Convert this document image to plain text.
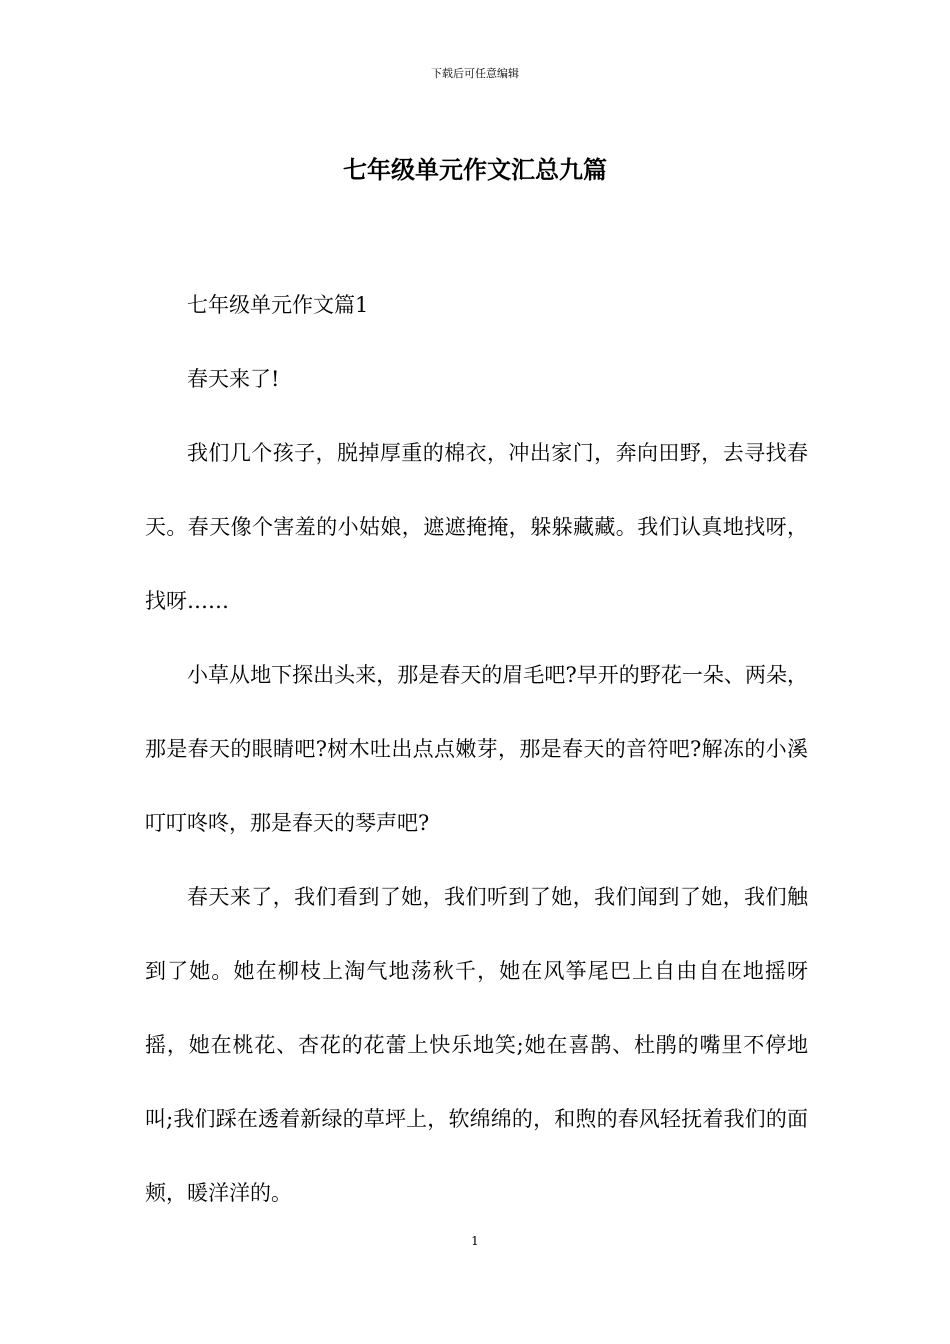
下载后可任意编辑
七年级单元作文汇总九篇

七年级单元作文篇1

春天来了!

我们几个孩子，脱掉厚重的棉衣，冲出家门，奔向田野，去寻找春天。春天像个害羞的小姑娘，遮遮掩掩，躲躲藏藏。我们认真地找呀，找呀……

小草从地下探出头来，那是春天的眉毛吧?早开的野花一朵、两朵，那是春天的眼睛吧?树木吐出点点嫩芽，那是春天的音符吧?解冻的小溪叮叮咚咚，那是春天的琴声吧?

春天来了，我们看到了她，我们听到了她，我们闻到了她，我们触到了她。她在柳枝上淘气地荡秋千，她在风筝尾巴上自由自在地摇呀摇，她在桃花、杏花的花蕾上快乐地笑;她在喜鹊、杜鹃的嘴里不停地叫;我们踩在透着新绿的草坪上，软绵绵的，和煦的春风轻抚着我们的面颊，暖洋洋的。

1
